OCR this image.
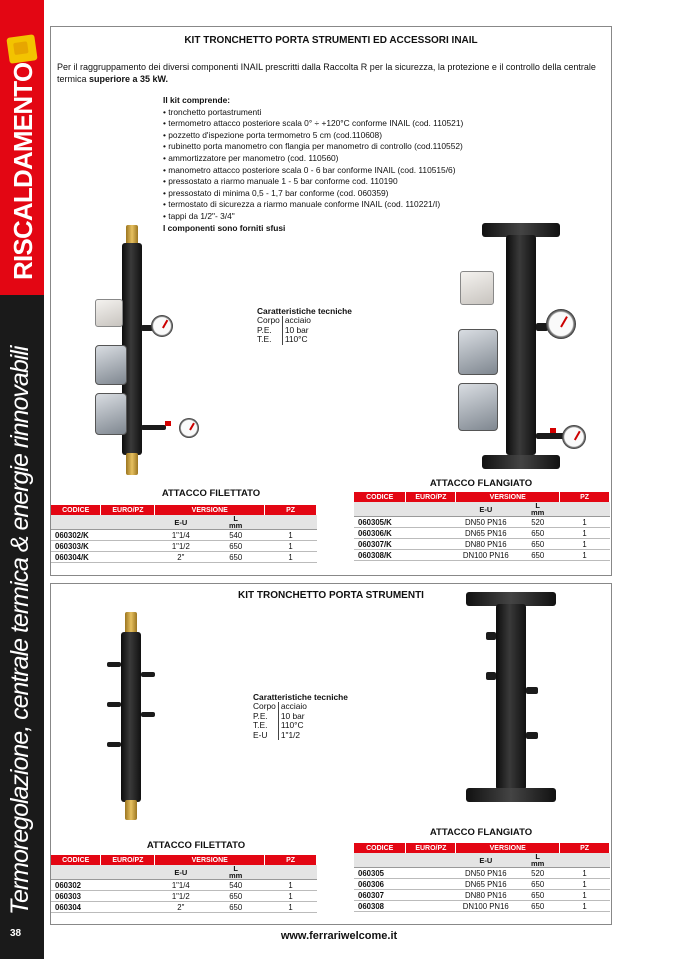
RISCALDAMENTO
Termoregolazione, centrale termica & energie rinnovabili
38
KIT TRONCHETTO PORTA STRUMENTI ED ACCESSORI INAIL
Per il raggruppamento dei diversi componenti INAIL prescritti dalla Raccolta R per la sicurezza, la protezione e il controllo della centrale termica superiore a 35 kW.
Il kit comprende:
• tronchetto portastrumenti
• termometro attacco posteriore scala 0° ÷ +120°C conforme INAIL (cod. 110521)
• pozzetto d'ispezione porta termometro 5 cm (cod.110608)
• rubinetto porta manometro con flangia per manometro di controllo (cod.110552)
• ammortizzatore per manometro (cod. 110560)
• manometro attacco posteriore scala 0 - 6 bar conforme INAIL (cod. 110515/6)
• pressostato a riarmo manuale 1 - 5 bar conforme cod. 110190
• pressostato di minima 0,5 - 1,7 bar conforme (cod. 060359)
• termostato di sicurezza a riarmo manuale conforme INAIL (cod. 110221/I)
• tappi da 1/2"- 3/4"
I componenti sono forniti sfusi
Caratteristiche tecniche
Corpo	acciaio
P.E.	10 bar
T.E.	110°C
ATTACCO FILETTATO
ATTACCO FLANGIATO
CODICE	EURO/PZ	VERSIONE		PZ
		E-U	L
mm	
060302/K		1"1/4	540	1
060303/K		1"1/2	650	1
060304/K		2"	650	1
CODICE	EURO/PZ	VERSIONE		PZ
		E-U	L
mm	
060305/K		DN50 PN16	520	1
060306/K		DN65 PN16	650	1
060307/K		DN80 PN16	650	1
060308/K		DN100 PN16	650	1
KIT TRONCHETTO PORTA STRUMENTI
Caratteristiche tecniche
Corpo	acciaio
P.E.	10 bar
T.E.	110°C
E-U	1"1/2
ATTACCO FILETTATO
ATTACCO FLANGIATO
CODICE	EURO/PZ	VERSIONE		PZ
		E-U	L
mm	
060302		1"1/4	540	1
060303		1"1/2	650	1
060304		2"	650	1
CODICE	EURO/PZ	VERSIONE		PZ
		E-U	L
mm	
060305		DN50 PN16	520	1
060306		DN65 PN16	650	1
060307		DN80 PN16	650	1
060308		DN100 PN16	650	1
www.ferrariwelcome.it
